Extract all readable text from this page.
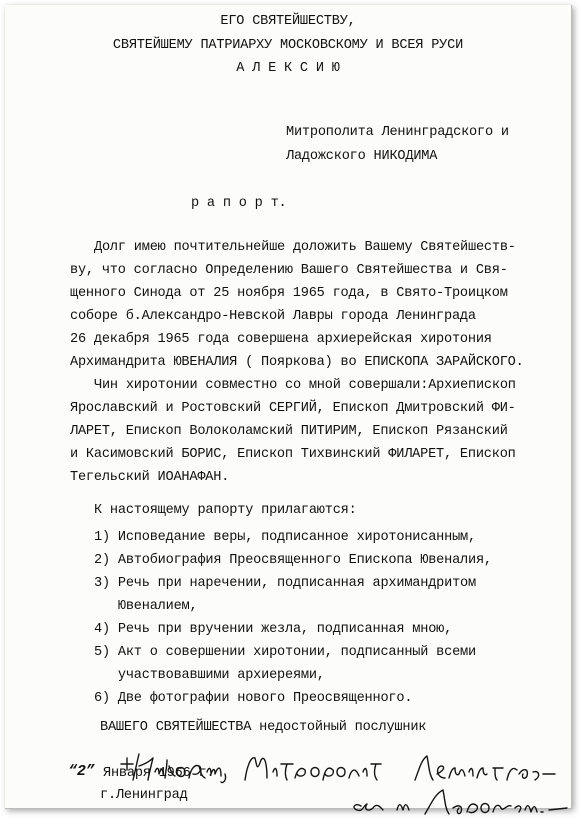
ЕГО СВЯТЕЙШЕСТВУ,
СВЯТЕЙШЕМУ ПАТРИАРХУ МОСКОВСКОМУ И ВСЕЯ РУСИ
А Л Е К С И Ю
Митрополита Ленинградского и
Ладожского НИКОДИМА
р а п о р т.
Долг имею почтительнейше доложить Вашему Святейшеств-
ву, что согласно Определению Вашего Святейшества и Свя-
щенного Синода от 25 ноября 1965 года, в Свято-Троицком
соборе б.Александро-Невской Лавры города Ленинграда
26 декабря 1965 года совершена архиерейская хиротония
Архимандрита ЮВЕНАЛИЯ ( Пояркова) во ЕПИСКОПА ЗАРАЙСКОГО.
Чин хиротонии совместно со мной совершали:Архиепископ
Ярославский и Ростовский СЕРГИЙ, Епископ Дмитровский ФИ-
ЛАРЕТ, Епископ Волоколамский ПИТИРИМ, Епископ Рязанский
и Касимовский БОРИС, Епископ Тихвинский ФИЛАРЕТ, Епископ
Тегельский ИОАНАФАН.
К настоящему рапорту прилагаются:
1) Исповедание веры, подписанное хиротонисанным,
2) Автобиография Преосвященного Епископа Ювеналия,
3) Речь при наречении, подписанная архимандритом
Ювеналием,
4) Речь при вручении жезла, подписанная мною,
5) Акт о совершении хиротонии, подписанный всеми
участвовавшими архиереями,
6) Две фотографии нового Преосвященного.
ВАШЕГО СВЯТЕЙШЕСТВА недостойный послушник
“2” Января 1966 г.
г.Ленинград
